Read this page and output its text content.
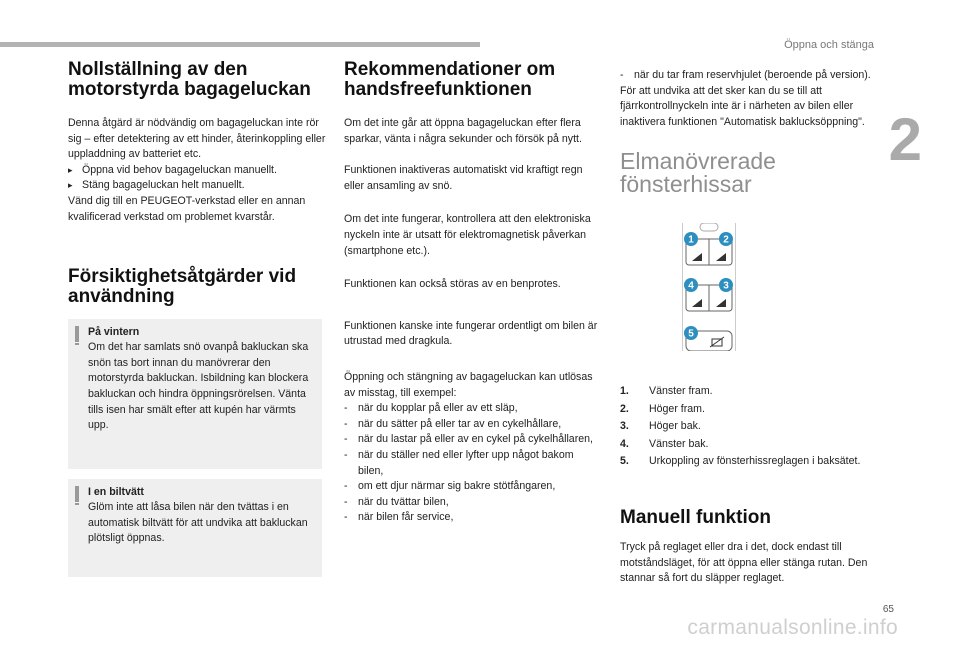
Öppna och stänga
2
Nollställning av den
motorstyrda bagageluckan

Denna åtgärd är nödvändig om bagageluckan inte rör sig – efter detektering av ett hinder, återinkoppling eller uppladdning av batteriet etc.

▸ Öppna vid behov bagageluckan manuellt.

▸ Stäng bagageluckan helt manuellt.

Vänd dig till en PEUGEOT-verkstad eller en annan kvalificerad verkstad om problemet kvarstår.

Försiktighetsåtgärder vid
användning
På vintern

Om det har samlats snö ovanpå bakluckan ska snön tas bort innan du manövrerar den motorstyrda bakluckan. Isbildning kan blockera bakluckan och hindra öppningsrörelsen. Vänta tills isen har smält efter att kupén har värmts upp.

I en biltvätt

Glöm inte att låsa bilen när den tvättas i en automatisk biltvätt för att undvika att bakluckan plötsligt öppnas.

Rekommendationer om
handsfreefunktionen

Om det inte går att öppna bagageluckan efter flera sparkar, vänta i några sekunder och försök på nytt.

Funktionen inaktiveras automatiskt vid kraftigt regn eller ansamling av snö.

Om det inte fungerar, kontrollera att den elektroniska nyckeln inte är utsatt för elektromagnetisk påverkan (smartphone etc.).

Funktionen kan också störas av en benprotes.

Funktionen kanske inte fungerar ordentligt om bilen är utrustad med dragkula.

Öppning och stängning av bagageluckan kan utlösas av misstag, till exempel:

- när du kopplar på eller av ett släp,

- när du sätter på eller tar av en cykelhållare,

- när du lastar på eller av en cykel på cykelhållaren,

- när du ställer ned eller lyfter upp något bakom bilen,

- om ett djur närmar sig bakre stötfångaren,

- när du tvättar bilen,

- när bilen får service,

- när du tar fram reservhjulet (beroende på version).

För att undvika att det sker kan du se till att fjärrkontrollnyckeln inte är i närheten av bilen eller inaktivera funktionen "Automatisk baklucksöppning".

Elmanövrerade
fönsterhissar
1	2
4	3
5
1.	Vänster fram.
2.	Höger fram.
3.	Höger bak.
4.	Vänster bak.
5.	Urkoppling av fönsterhissreglagen i baksätet.
Manuell funktion

Tryck på reglaget eller dra i det, dock endast till motståndsläget, för att öppna eller stänga rutan. Den stannar så fort du släpper reglaget.

65
carmanualsonline.info
